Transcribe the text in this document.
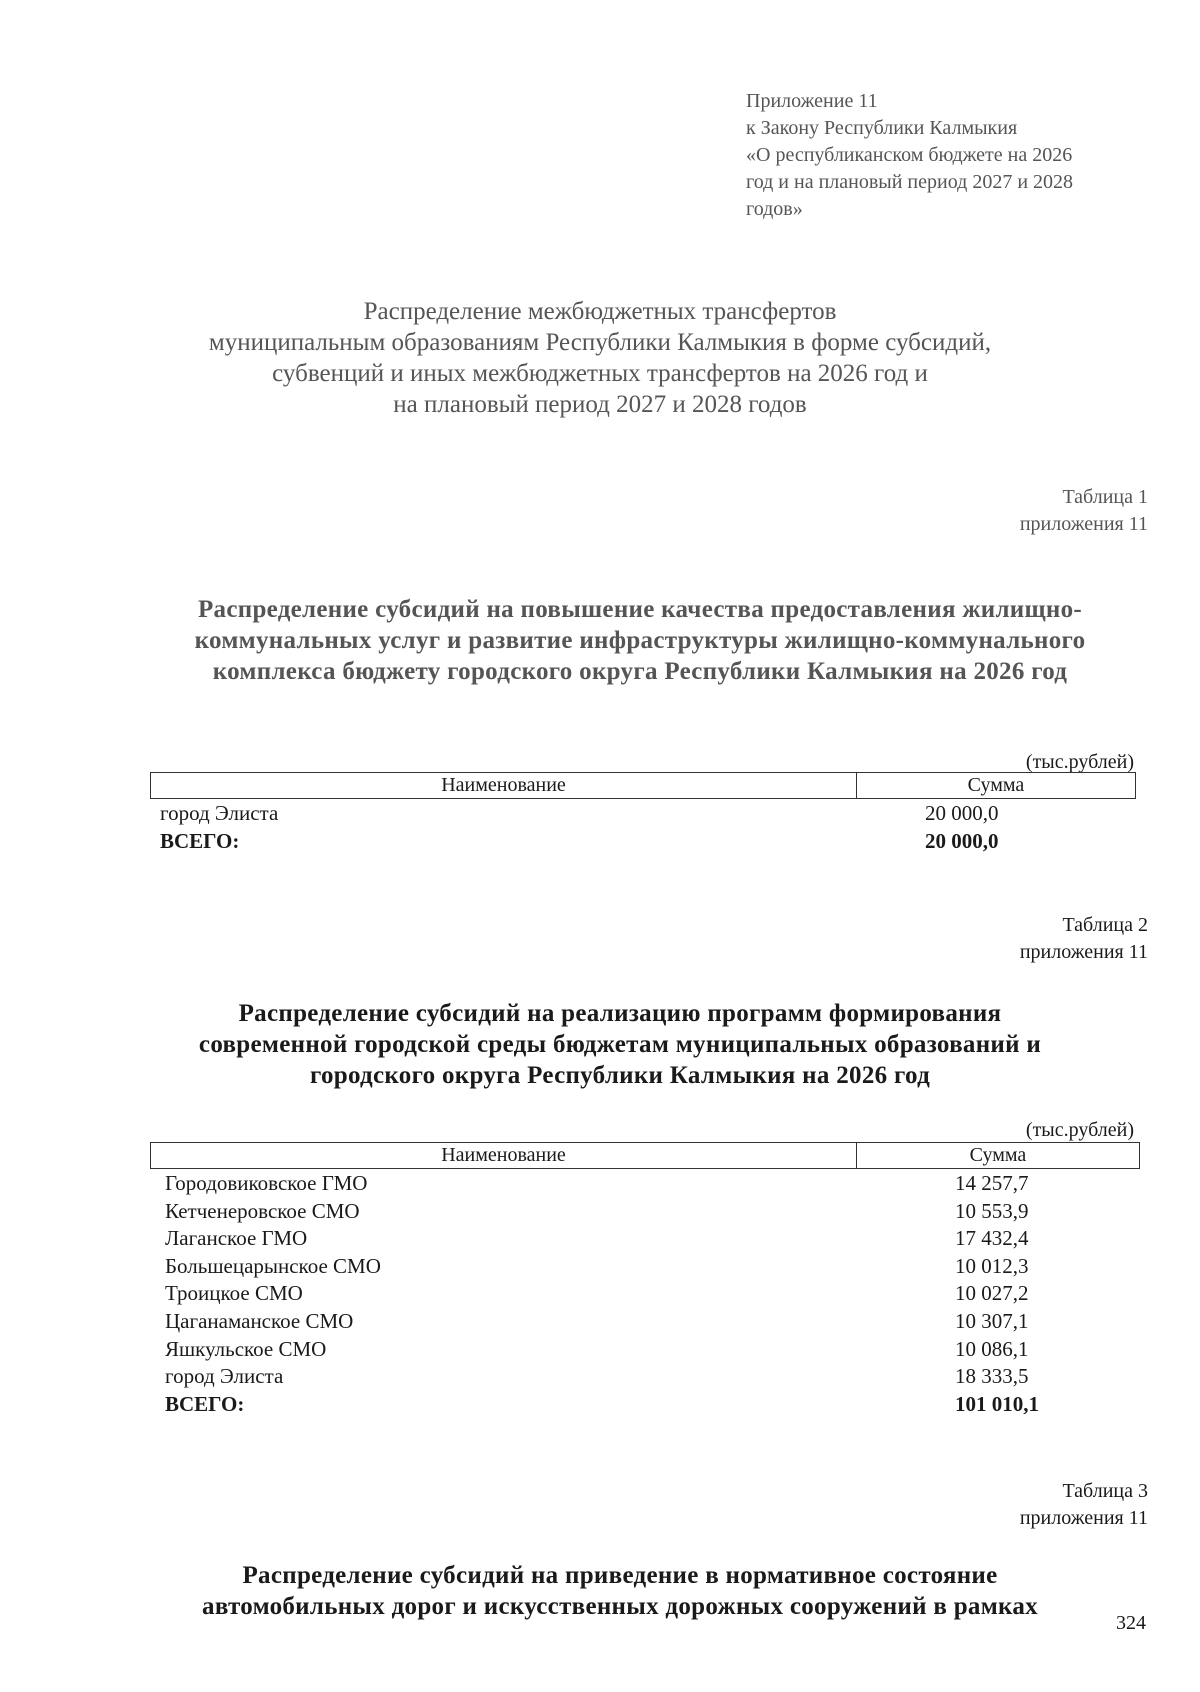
Приложение 11
к Закону Республики Калмыкия
«О республиканском бюджете на 2026
год и на плановый период 2027 и 2028
годов»
Распределение межбюджетных трансфертов
муниципальным образованиям Республики Калмыкия в форме субсидий,
субвенций и иных межбюджетных трансфертов на 2026 год и
на плановый период 2027 и 2028 годов
Таблица 1
приложения 11
Распределение субсидий на повышение качества предоставления жилищно-
коммунальных услуг и развитие инфраструктуры жилищно-коммунального
комплекса бюджету городского округа Республики Калмыкия на 2026 год
(тыс.рублей)
Наименование	Сумма
город Элиста	20 000,0
ВСЕГО:	20 000,0
Таблица 2
приложения 11
Распределение субсидий на реализацию программ формирования
современной городской среды бюджетам муниципальных образований и
городского округа Республики Калмыкия на 2026 год
(тыс.рублей)
Наименование	Сумма
Городовиковское ГМО	14 257,7
Кетченеровское СМО	10 553,9
Лаганское ГМО	17 432,4
Большецарынское СМО	10 012,3
Троицкое СМО	10 027,2
Цаганаманское СМО	10 307,1
Яшкульское СМО	10 086,1
город Элиста	18 333,5
ВСЕГО:	101 010,1
Таблица 3
приложения 11
Распределение субсидий на приведение в нормативное состояние
автомобильных дорог и искусственных дорожных сооружений в рамках
324
